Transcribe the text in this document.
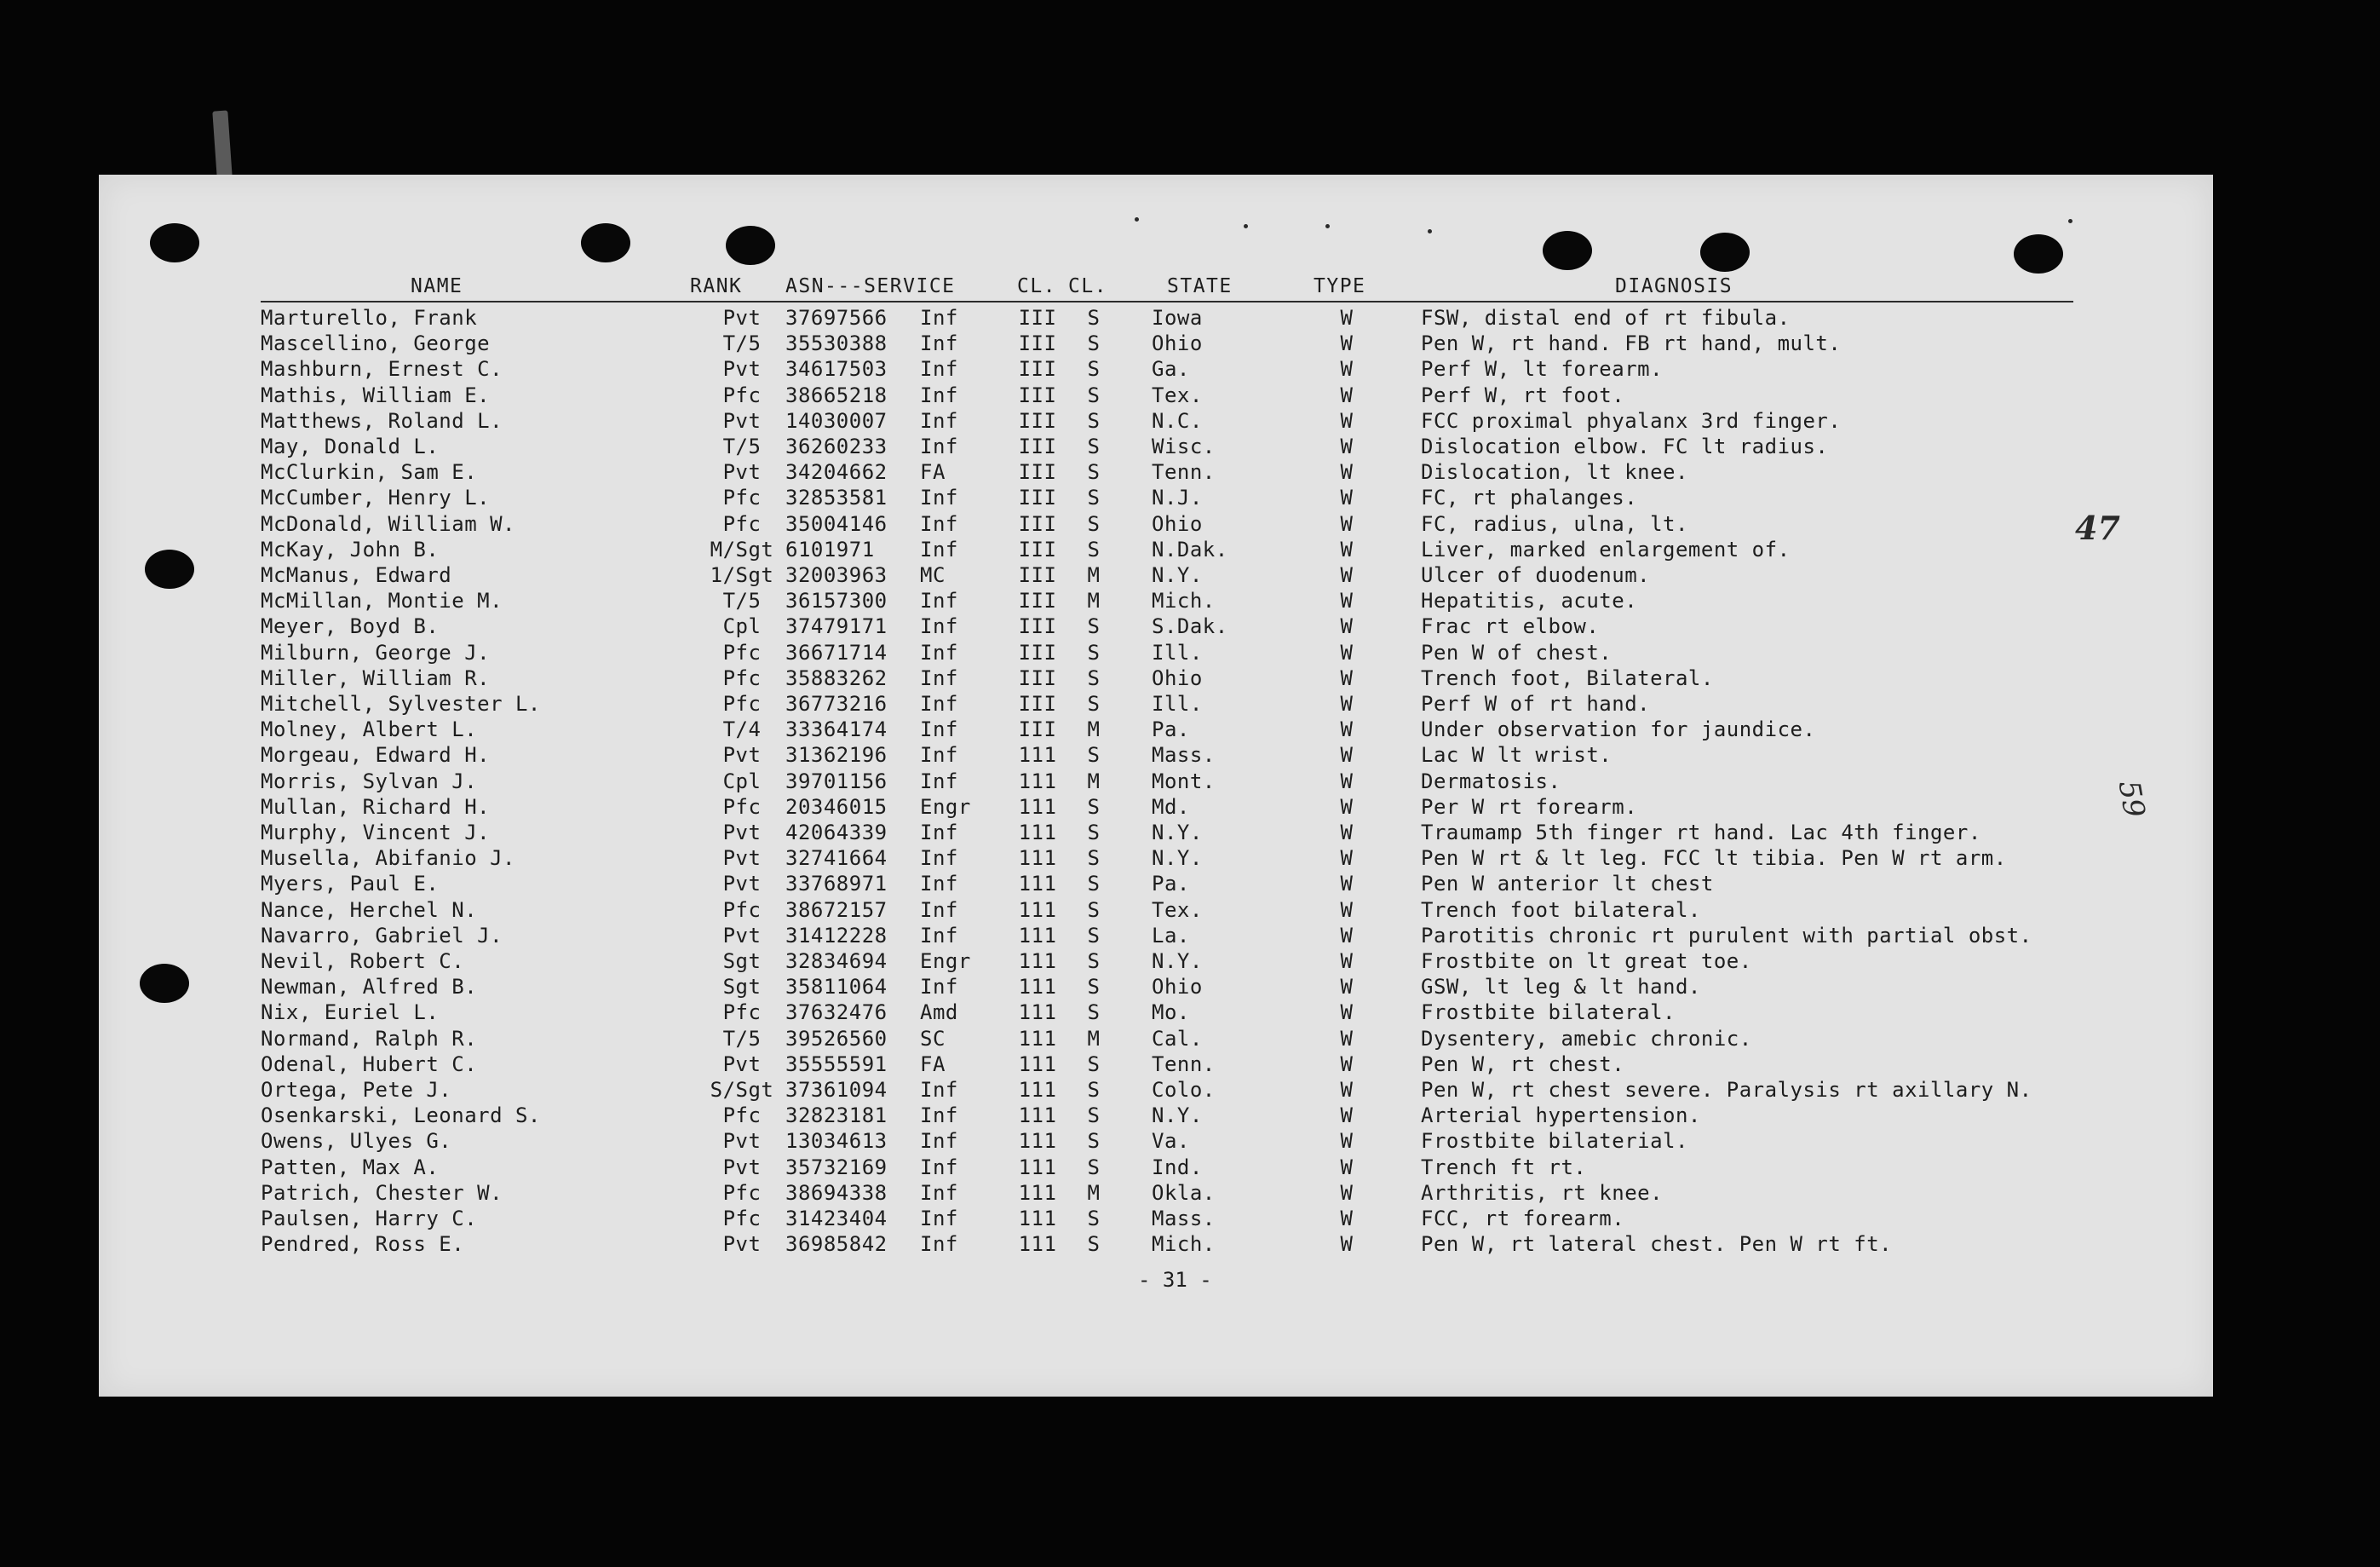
NAME	RANK ASN---SERVICE	CL. CL.	STATE	TYPE	DIAGNOSIS
Marturello, Frank	Pvt	37697566 Inf	III	S	Iowa	W	FSW, distal end of rt fibula.
Mascellino, George	T/5	35530388 Inf	III	S	Ohio	W	Pen W, rt hand. FB rt hand, mult.
Mashburn, Ernest C.	Pvt	34617503 Inf	III	S	Ga.	W	Perf W, lt forearm.
Mathis, William E.	Pfc	38665218 Inf	III	S	Tex.	W	Perf W, rt foot.
Matthews, Roland L.	Pvt	14030007 Inf	III	S	N.C.	W	FCC proximal phyalanx 3rd finger.
May, Donald L.	T/5	36260233 Inf	III	S	Wisc.	W	Dislocation elbow. FC lt radius.
McClurkin, Sam E.	Pvt	34204662 FA	III	S	Tenn.	W	Dislocation, lt knee.
McCumber, Henry L.	Pfc	32853581 Inf	III	S	N.J.	W	FC, rt phalanges.
McDonald, William W.	Pfc	35004146 Inf	III	S	Ohio	W	FC, radius, ulna, lt.
McKay, John B.	M/Sgt 6101971 Inf	III	S	N.Dak.	W	Liver, marked enlargement of.
McManus, Edward	1/Sgt 32003963 MC	III	M	N.Y.	W	Ulcer of duodenum.
McMillan, Montie M.	T/5	36157300 Inf	III	M	Mich.	W	Hepatitis, acute.
Meyer, Boyd B.	Cpl	37479171 Inf	III	S	S.Dak.	W	Frac rt elbow.
Milburn, George J.	Pfc	36671714 Inf	III	S	Ill.	W	Pen W of chest.
Miller, William R.	Pfc	35883262 Inf	III	S	Ohio	W	Trench foot, Bilateral.
Mitchell, Sylvester L.	Pfc	36773216 Inf	III	S	Ill.	W	Perf W of rt hand.
Molney, Albert L.	T/4	33364174 Inf	III	M	Pa.	W	Under observation for jaundice.
Morgeau, Edward H.	Pvt	31362196 Inf	111	S	Mass.	W	Lac W lt wrist.
Morris, Sylvan J.	Cpl	39701156 Inf	111	M	Mont.	W	Dermatosis.
Mullan, Richard H.	Pfc	20346015 Engr	111	S	Md.	W	Per W rt forearm.
Murphy, Vincent J.	Pvt	42064339 Inf	111	S	N.Y.	W	Traumamp 5th finger rt hand. Lac 4th finger.
Musella, Abifanio J.	Pvt	32741664 Inf	111	S	N.Y.	W	Pen W rt & lt leg. FCC lt tibia. Pen W rt arm.
Myers, Paul E.	Pvt	33768971 Inf	111	S	Pa.	W	Pen W anterior lt chest
Nance, Herchel N.	Pfc	38672157 Inf	111	S	Tex.	W	Trench foot bilateral.
Navarro, Gabriel J.	Pvt	31412228 Inf	111	S	La.	W	Parotitis chronic rt purulent with partial obst.
Nevil, Robert C.	Sgt	32834694 Engr	111	S	N.Y.	W	Frostbite on lt great toe.
Newman, Alfred B.	Sgt	35811064 Inf	111	S	Ohio	W	GSW, lt leg & lt hand.
Nix, Euriel L.	Pfc	37632476 Amd	111	S	Mo.	W	Frostbite bilateral.
Normand, Ralph R.	T/5	39526560 SC	111	M	Cal.	W	Dysentery, amebic chronic.
Odenal, Hubert C.	Pvt	35555591 FA	111	S	Tenn.	W	Pen W, rt chest.
Ortega, Pete J.	S/Sgt 37361094 Inf	111	S	Colo.	W	Pen W, rt chest severe. Paralysis rt axillary N.
Osenkarski, Leonard S.	Pfc	32823181 Inf	111	S	N.Y.	W	Arterial hypertension.
Owens, Ulyes G.	Pvt	13034613 Inf	111	S	Va.	W	Frostbite bilaterial.
Patten, Max A.	Pvt	35732169 Inf	111	S	Ind.	W	Trench ft rt.
Patrich, Chester W.	Pfc	38694338 Inf	111	M	Okla.	W	Arthritis, rt knee.
Paulsen, Harry C.	Pfc	31423404 Inf	111	S	Mass.	W	FCC, rt forearm.
Pendred, Ross E.	Pvt	36985842 Inf	111	S	Mich.	W	Pen W, rt lateral chest. Pen W rt ft.
- 31 -
47
59
